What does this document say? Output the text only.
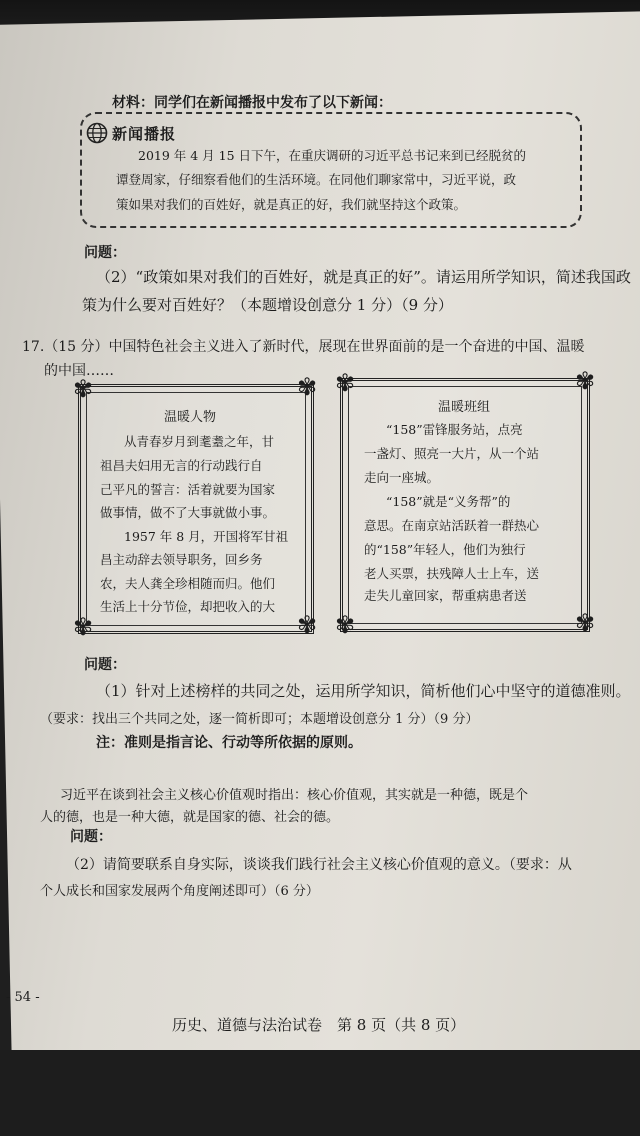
材料：同学们在新闻播报中发布了以下新闻：
新闻播报
2019 年 4 月 15 日下午，在重庆调研的习近平总书记来到已经脱贫的
谭登周家，仔细察看他们的生活环境。在同他们聊家常中，习近平说，政
策如果对我们的百姓好，就是真正的好，我们就坚持这个政策。
问题：
（2）“政策如果对我们的百姓好，就是真正的好”。请运用所学知识，简述我国政
策为什么要对百姓好？（本题增设创意分 1 分）（9 分）
17.（15 分）中国特色社会主义进入了新时代，展现在世界面前的是一个奋进的中国、温暖
的中国……
✾	✾
✾	✾
温暖人物
从青春岁月到耄耋之年，甘
祖昌夫妇用无言的行动践行自
己平凡的誓言：活着就要为国家
做事情，做不了大事就做小事。
1957 年 8 月，开国将军甘祖
昌主动辞去领导职务，回乡务
农，夫人龚全珍相随而归。他们
生活上十分节俭，却把收入的大
✾	✾
✾	✾
温暖班组
“158”雷锋服务站，点亮
一盏灯、照亮一大片，从一个站
走向一座城。
“158”就是“义务帮”的
意思。在南京站活跃着一群热心
的“158”年轻人，他们为独行
老人买票，扶残障人士上车，送
走失儿童回家，帮重病患者送
问题：
（1）针对上述榜样的共同之处，运用所学知识，简析他们心中坚守的道德准则。
（要求：找出三个共同之处，逐一简析即可；本题增设创意分 1 分）（9 分）
注：准则是指言论、行动等所依据的原则。
习近平在谈到社会主义核心价值观时指出：核心价值观，其实就是一种德，既是个
人的德，也是一种大德，就是国家的德、社会的德。
问题：
（2）请简要联系自身实际，谈谈我们践行社会主义核心价值观的意义。（要求：从
个人成长和国家发展两个角度阐述即可）（6 分）
- 54 -
历史、道德与法治试卷　第 8 页（共 8 页）
